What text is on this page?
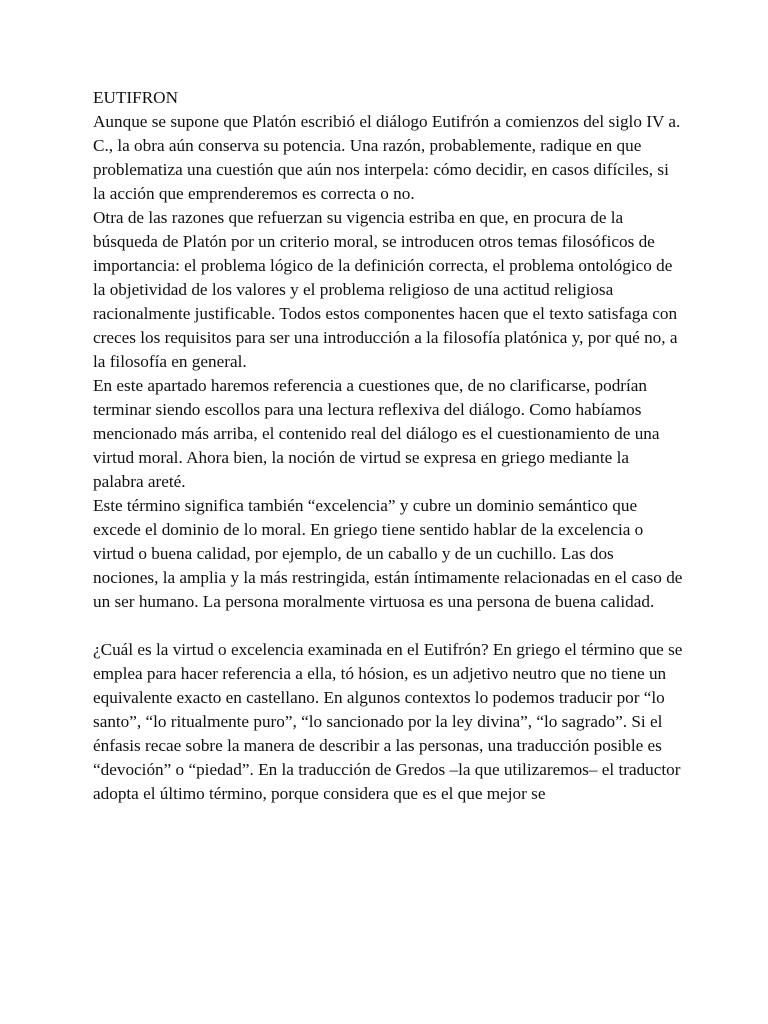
EUTIFRON

Aunque se supone que Platón escribió el diálogo Eutifrón a comienzos del siglo IV a. C., la obra aún conserva su potencia. Una razón, probablemente, radique en que problematiza una cuestión que aún nos interpela: cómo decidir, en casos difíciles, si la acción que emprenderemos es correcta o no.

Otra de las razones que refuerzan su vigencia estriba en que, en procura de la búsqueda de Platón por un criterio moral, se introducen otros temas filosóficos de importancia: el problema lógico de la definición correcta, el problema ontológico de la objetividad de los valores y el problema religioso de una actitud religiosa racionalmente justificable. Todos estos componentes hacen que el texto satisfaga con creces los requisitos para ser una introducción a la filosofía platónica y, por qué no, a la filosofía en general.

En este apartado haremos referencia a cuestiones que, de no clarificarse, podrían terminar siendo escollos para una lectura reflexiva del diálogo. Como habíamos mencionado más arriba, el contenido real del diálogo es el cuestionamiento de una virtud moral. Ahora bien, la noción de virtud se expresa en griego mediante la palabra areté.

Este término significa también “excelencia” y cubre un dominio semántico que excede el dominio de lo moral. En griego tiene sentido hablar de la excelencia o virtud o buena calidad, por ejemplo, de un caballo y de un cuchillo. Las dos nociones, la amplia y la más restringida, están íntimamente relacionadas en el caso de un ser humano. La persona moralmente virtuosa es una persona de buena calidad.

¿Cuál es la virtud o excelencia examinada en el Eutifrón? En griego el término que se emplea para hacer referencia a ella, tó hósion, es un adjetivo neutro que no tiene un equivalente exacto en castellano. En algunos contextos lo podemos traducir por “lo santo”, “lo ritualmente puro”, “lo sancionado por la ley divina”, “lo sagrado”. Si el énfasis recae sobre la manera de describir a las personas, una traducción posible es “devoción” o “piedad”. En la traducción de Gredos –la que utilizaremos– el traductor adopta el último término, porque considera que es el que mejor se
